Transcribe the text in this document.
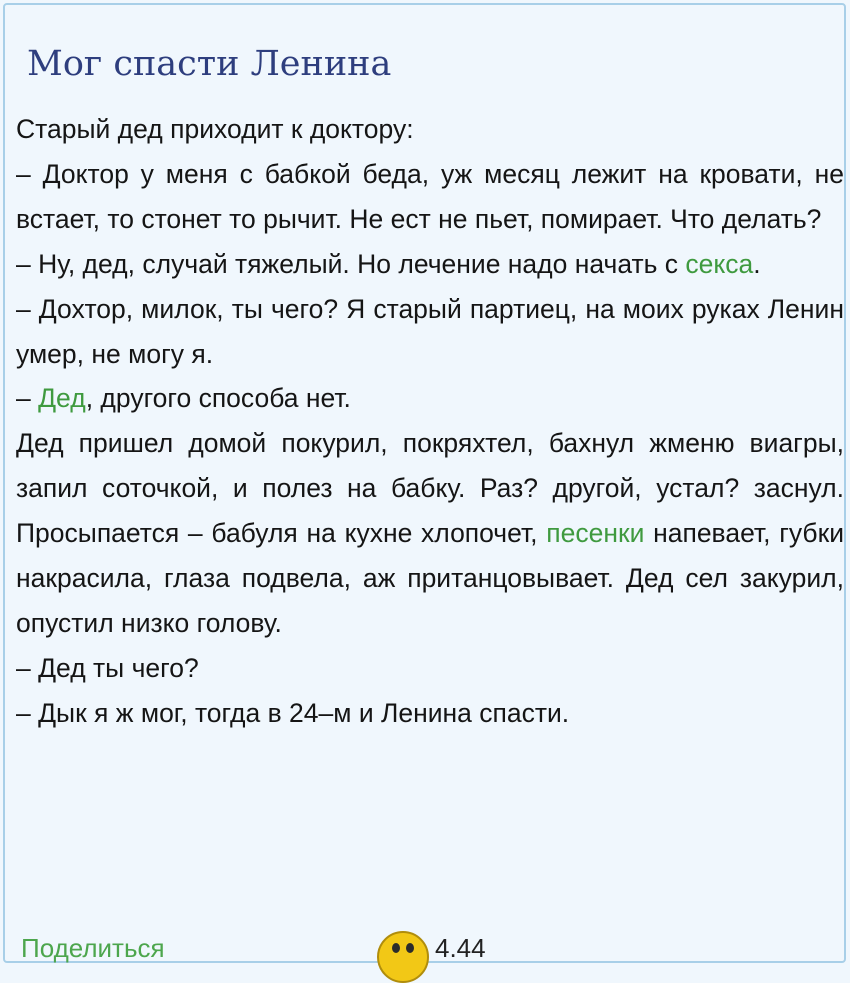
Мог спасти Ленина

Старый дед приходит к доктору:

– Доктор у меня с бабкой беда, уж месяц лежит на кровати, не встает, то стонет то рычит. Не ест не пьет, помирает. Что делать?

– Ну, дед, случай тяжелый. Но лечение надо начать с секса.

– Дохтор, милок, ты чего? Я старый партиец, на моих руках Ленин умер, не могу я.

– Дед, другого способа нет.

Дед пришел домой покурил, покряхтел, бахнул жменю виагры, запил соточкой, и полез на бабку. Раз? другой, устал? заснул. Просыпается – бабуля на кухне хлопочет, песенки напевает, губки накрасила, глаза подвела, аж пританцовывает. Дед сел закурил, опустил низко голову.

– Дед ты чего?

– Дык я ж мог, тогда в 24–м и Ленина спасти.

Поделиться	4.44
